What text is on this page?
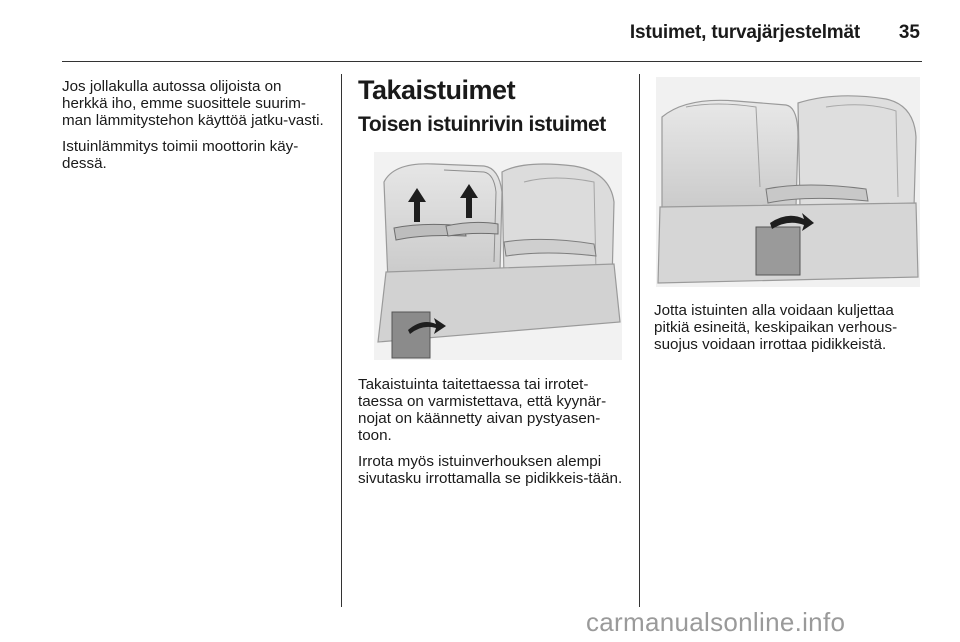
Istuimet, turvajärjestelmät	35

Jos jollakulla autossa olijoista on herkkä iho, emme suosittele suurim-man lämmitystehon käyttöä jatku-vasti.

Istuinlämmitys toimii moottorin käy-dessä.

Takaistuimet
Toisen istuinrivin istuimet

Takaistuinta taitettaessa tai irrotet-taessa on varmistettava, että kyynär-nojat on käännetty aivan pystyasen-toon.

Irrota myös istuinverhouksen alempi sivutasku irrottamalla se pidikkeis-tään.

Jotta istuinten alla voidaan kuljettaa pitkiä esineitä, keskipaikan verhous-suojus voidaan irrottaa pidikkeistä.

carmanualsonline.info
